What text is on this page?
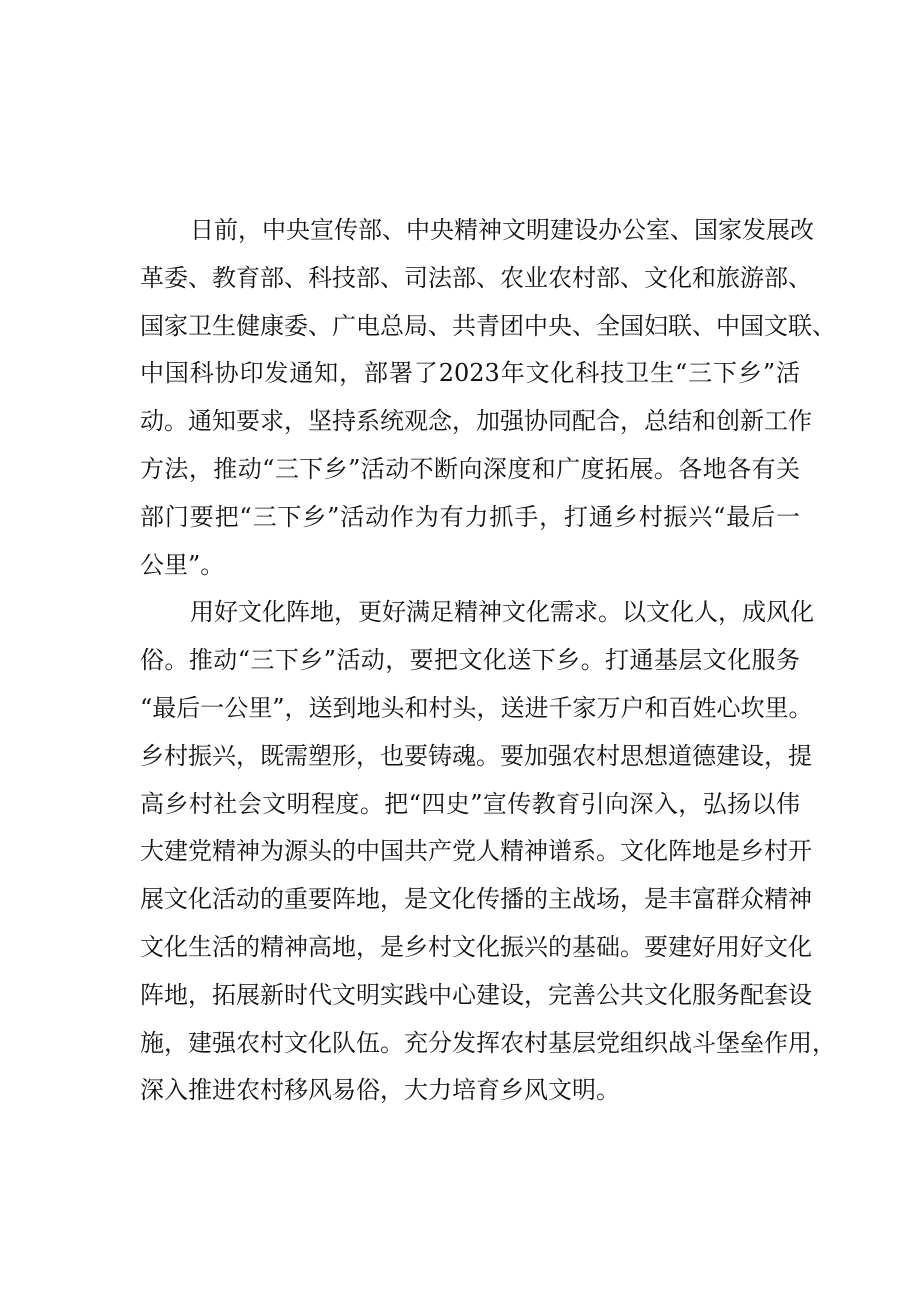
日前，中央宣传部、中央精神文明建设办公室、国家发展改
革委、教育部、科技部、司法部、农业农村部、文化和旅游部、
国家卫生健康委、广电总局、共青团中央、全国妇联、中国文联、
中国科协印发通知，部署了2023年文化科技卫生“三下乡”活
动。通知要求，坚持系统观念，加强协同配合，总结和创新工作
方法，推动“三下乡”活动不断向深度和广度拓展。各地各有关
部门要把“三下乡”活动作为有力抓手，打通乡村振兴“最后一
公里”。
用好文化阵地，更好满足精神文化需求。以文化人，成风化
俗。推动“三下乡”活动，要把文化送下乡。打通基层文化服务
“最后一公里”，送到地头和村头，送进千家万户和百姓心坎里。
乡村振兴，既需塑形，也要铸魂。要加强农村思想道德建设，提
高乡村社会文明程度。把“四史”宣传教育引向深入，弘扬以伟
大建党精神为源头的中国共产党人精神谱系。文化阵地是乡村开
展文化活动的重要阵地，是文化传播的主战场，是丰富群众精神
文化生活的精神高地，是乡村文化振兴的基础。要建好用好文化
阵地，拓展新时代文明实践中心建设，完善公共文化服务配套设
施，建强农村文化队伍。充分发挥农村基层党组织战斗堡垒作用，
深入推进农村移风易俗，大力培育乡风文明。
